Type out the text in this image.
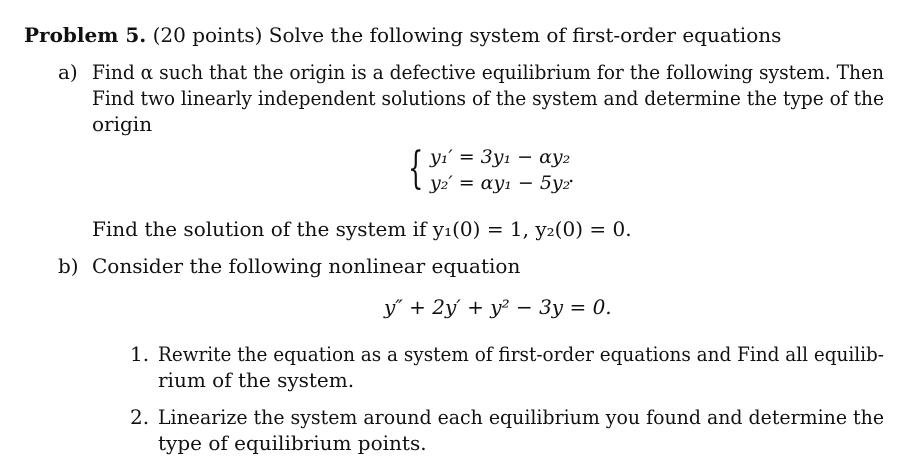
Problem 5. (20 points) Solve the following system of first-order equations
a) Find α such that the origin is a defective equilibrium for the following system. Then
Find two linearly independent solutions of the system and determine the type of the
origin
{ y₁′ = 3y₁ − αy₂
y₂′ = αy₁ − 5y₂
.
Find the solution of the system if y₁(0) = 1, y₂(0) = 0.
b) Consider the following nonlinear equation
y″ + 2y′ + y² − 3y = 0.
1. Rewrite the equation as a system of first-order equations and Find all equilib-
rium of the system.
2. Linearize the system around each equilibrium you found and determine the
type of equilibrium points.
